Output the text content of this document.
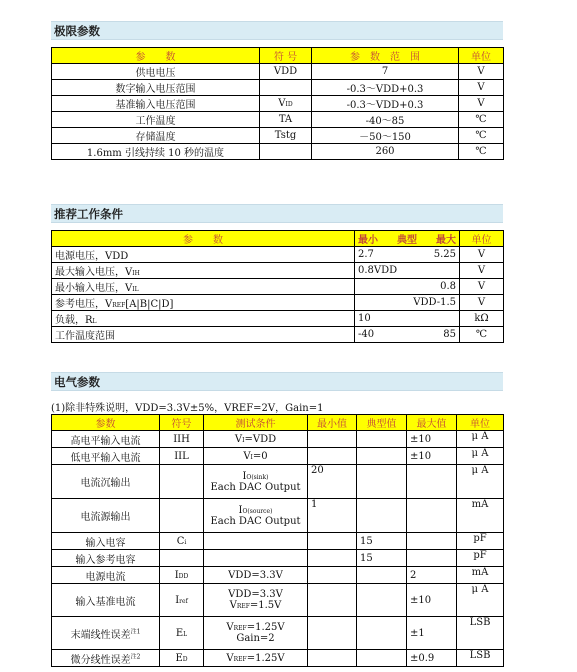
极限参数
参　　数	符 号	参　数　范　围	单位
供电电压	VDD	7	V
数字输入电压范围		-0.3～VDD+0.3	V
基准输入电压范围	VID	-0.3～VDD+0.3	V
工作温度	TA	-40～85	℃
存储温度	Tstg	－50～150	℃
1.6mm 引线持续 10 秒的温度		260	℃
推荐工作条件
参　　数	最小 典型 最大	单位
电源电压，VDD	2.7 5.25	V
最大输入电压，VIH	0.8VDD	V
最小输入电压，VIL	0.8	V
参考电压，VREF[A|B|C|D]	VDD-1.5	V
负载，RL	10	kΩ
工作温度范围	-40 85	℃
电气参数
(1)除非特殊说明，VDD=3.3V±5%，VREF=2V，Gain=1
参数	符号	测试条件	最小值	典型值	最大值	单位
高电平输入电流	IIH	VI=VDD			±10	μ A
低电平输入电流	IIL	VI=0			±10	μ A
电流沉输出		IO(sink)
Each DAC Output	20			μ A
电流源输出		IO(source)
Each DAC Output	1			mA
输入电容	Ci			15		pF
输入参考电容				15		pF
电源电流	IDD	VDD=3.3V			2	mA
输入基准电流	Iref	VDD=3.3V
VREF=1.5V			±10	μ A
末端线性误差$^{注1}$	EL	VREF=1.25V
Gain=2			±1	LSB
微分线性误差$^{注2}$	ED	VREF=1.25V			±0.9	LSB
